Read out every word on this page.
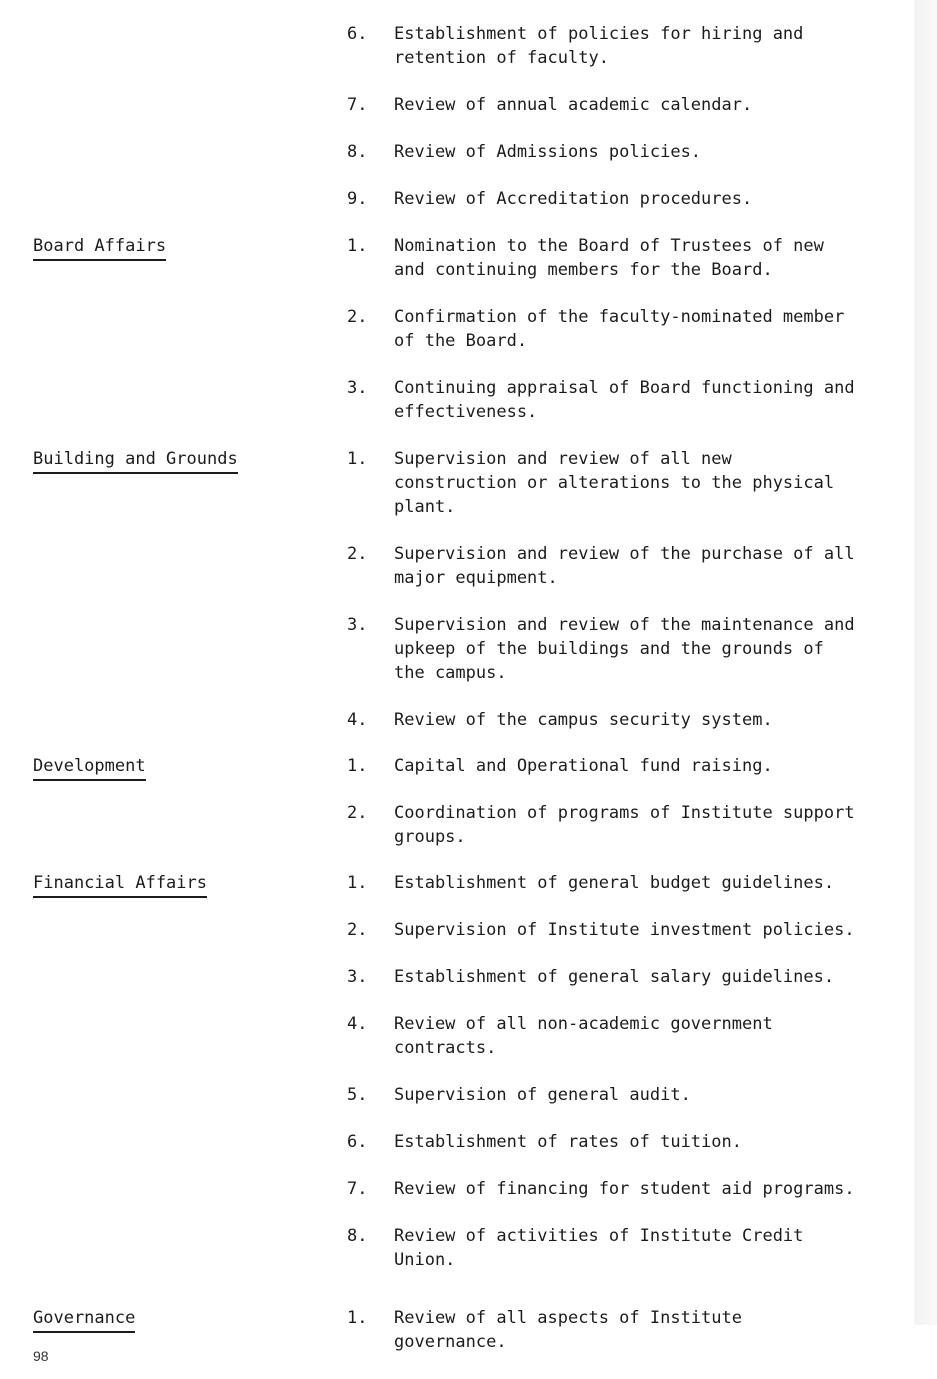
6. Establishment of policies for hiring and
retention of faculty.
7. Review of annual academic calendar.
8. Review of Admissions policies.
9. Review of Accreditation procedures.
Board Affairs	1. Nomination to the Board of Trustees of new
and continuing members for the Board.
2. Confirmation of the faculty-nominated member
of the Board.
3. Continuing appraisal of Board functioning and
effectiveness.
Building and Grounds	1. Supervision and review of all new
construction or alterations to the physical
plant.
2. Supervision and review of the purchase of all
major equipment.
3. Supervision and review of the maintenance and
upkeep of the buildings and the grounds of
the campus.
4. Review of the campus security system.
Development	1. Capital and Operational fund raising.
2. Coordination of programs of Institute support
groups.
Financial Affairs	1. Establishment of general budget guidelines.
2. Supervision of Institute investment policies.
3. Establishment of general salary guidelines.
4. Review of all non-academic government
contracts.
5. Supervision of general audit.
6. Establishment of rates of tuition.
7. Review of financing for student aid programs.
8. Review of activities of Institute Credit
Union.
Governance	1. Review of all aspects of Institute
governance.
98
